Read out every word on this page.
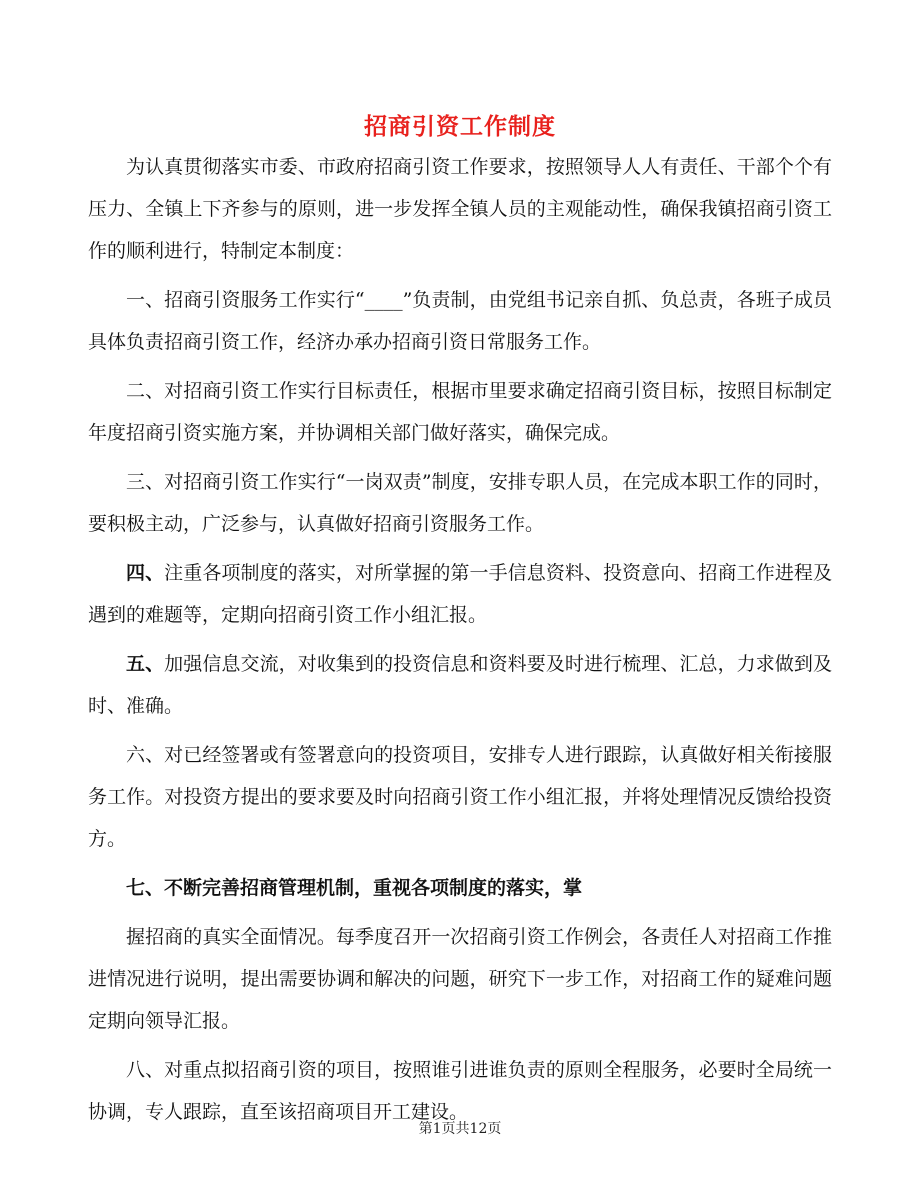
招商引资工作制度

为认真贯彻落实市委、市政府招商引资工作要求，按照领导人人有责任、干部个个有压力、全镇上下齐参与的原则，进一步发挥全镇人员的主观能动性，确保我镇招商引资工作的顺利进行，特制定本制度：

一、招商引资服务工作实行“____”负责制，由党组书记亲自抓、负总责，各班子成员具体负责招商引资工作，经济办承办招商引资日常服务工作。

二、对招商引资工作实行目标责任，根据市里要求确定招商引资目标，按照目标制定年度招商引资实施方案，并协调相关部门做好落实，确保完成。

三、对招商引资工作实行“一岗双责”制度，安排专职人员，在完成本职工作的同时，要积极主动，广泛参与，认真做好招商引资服务工作。

四、注重各项制度的落实，对所掌握的第一手信息资料、投资意向、招商工作进程及遇到的难题等，定期向招商引资工作小组汇报。

五、加强信息交流，对收集到的投资信息和资料要及时进行梳理、汇总，力求做到及时、准确。

六、对已经签署或有签署意向的投资项目，安排专人进行跟踪，认真做好相关衔接服务工作。对投资方提出的要求要及时向招商引资工作小组汇报，并将处理情况反馈给投资方。

七、不断完善招商管理机制，重视各项制度的落实，掌

握招商的真实全面情况。每季度召开一次招商引资工作例会，各责任人对招商工作推进情况进行说明，提出需要协调和解决的问题，研究下一步工作，对招商工作的疑难问题定期向领导汇报。

八、对重点拟招商引资的项目，按照谁引进谁负责的原则全程服务，必要时全局统一协调，专人跟踪，直至该招商项目开工建设。

第1页共12页
